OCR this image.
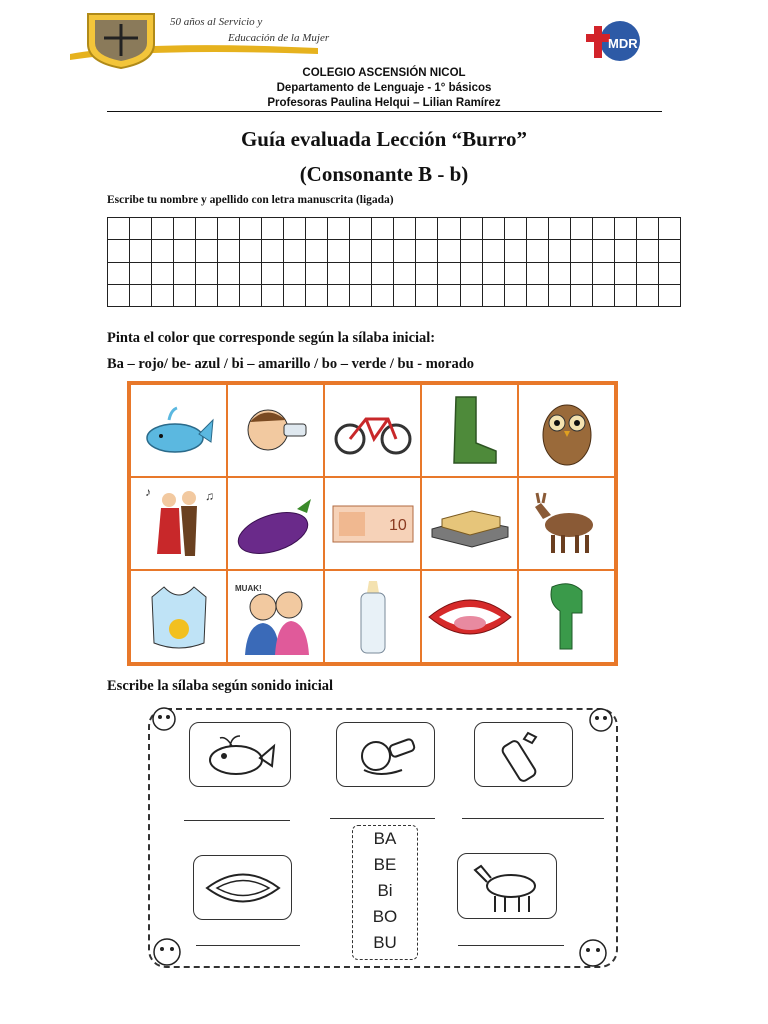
50 años al Servicio y
Educación de la Mujer	MDR
COLEGIO ASCENSIÓN NICOL
Departamento de Lenguaje - 1° básicos
Profesoras Paulina Helqui – Lilian Ramírez
Guía evaluada Lección “Burro”
(Consonante B - b)
Escribe tu nombre y apellido con letra manuscrita (ligada)

Pinta el color que corresponde según la sílaba inicial:
Ba – rojo/ be- azul / bi – amarillo / bo – verde / bu - morado
♪	♫
10
MUAK!
Escribe la sílaba según sonido inicial
BA
BE
Bi
BO
BU
